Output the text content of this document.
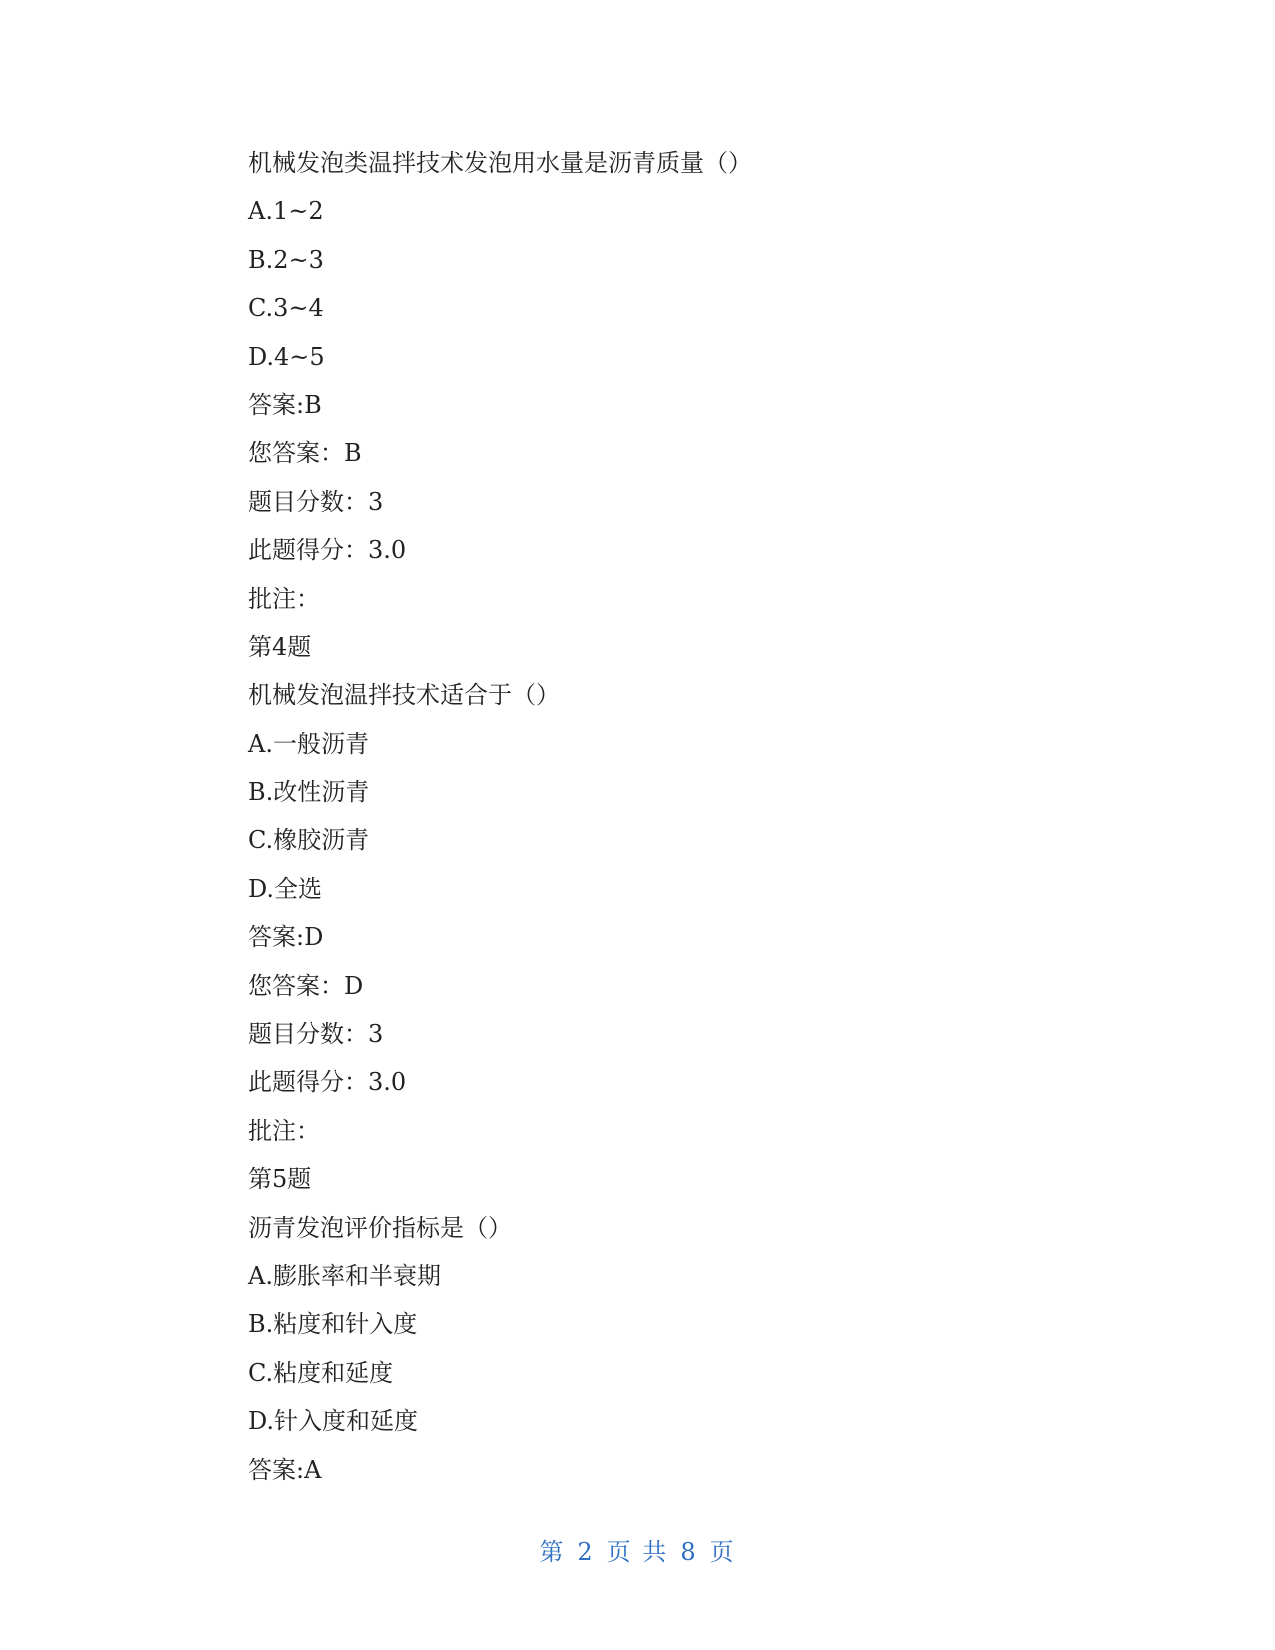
机械发泡类温拌技术发泡用水量是沥青质量（）
A.1~2
B.2~3
C.3~4
D.4~5
答案:B
您答案：B
题目分数：3
此题得分：3.0
批注：
第4题
机械发泡温拌技术适合于（）
A.一般沥青
B.改性沥青
C.橡胶沥青
D.全选
答案:D
您答案：D
题目分数：3
此题得分：3.0
批注：
第5题
沥青发泡评价指标是（）
A.膨胀率和半衰期
B.粘度和针入度
C.粘度和延度
D.针入度和延度
答案:A
第 2 页 共 8 页
